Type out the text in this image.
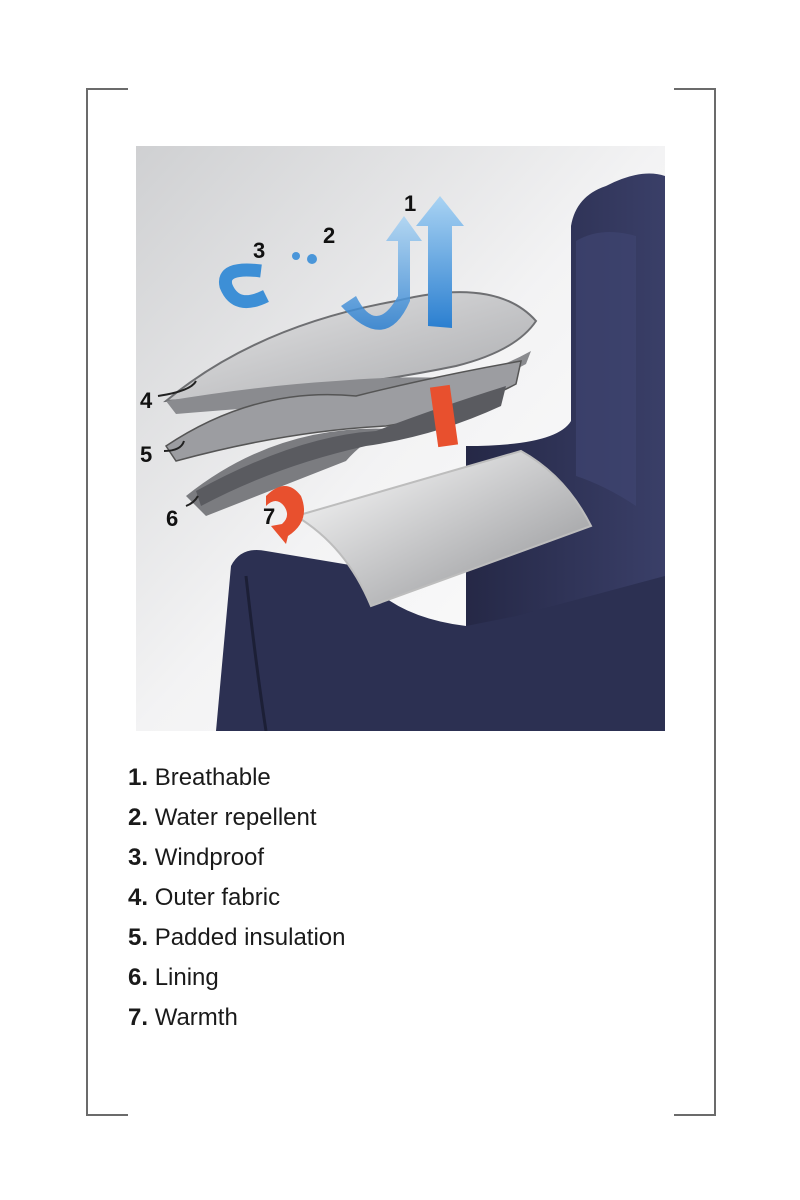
1
2
3
4
5
6	7
1. Breathable
2. Water repellent
3. Windproof
4. Outer fabric
5. Padded insulation
6. Lining
7. Warmth
